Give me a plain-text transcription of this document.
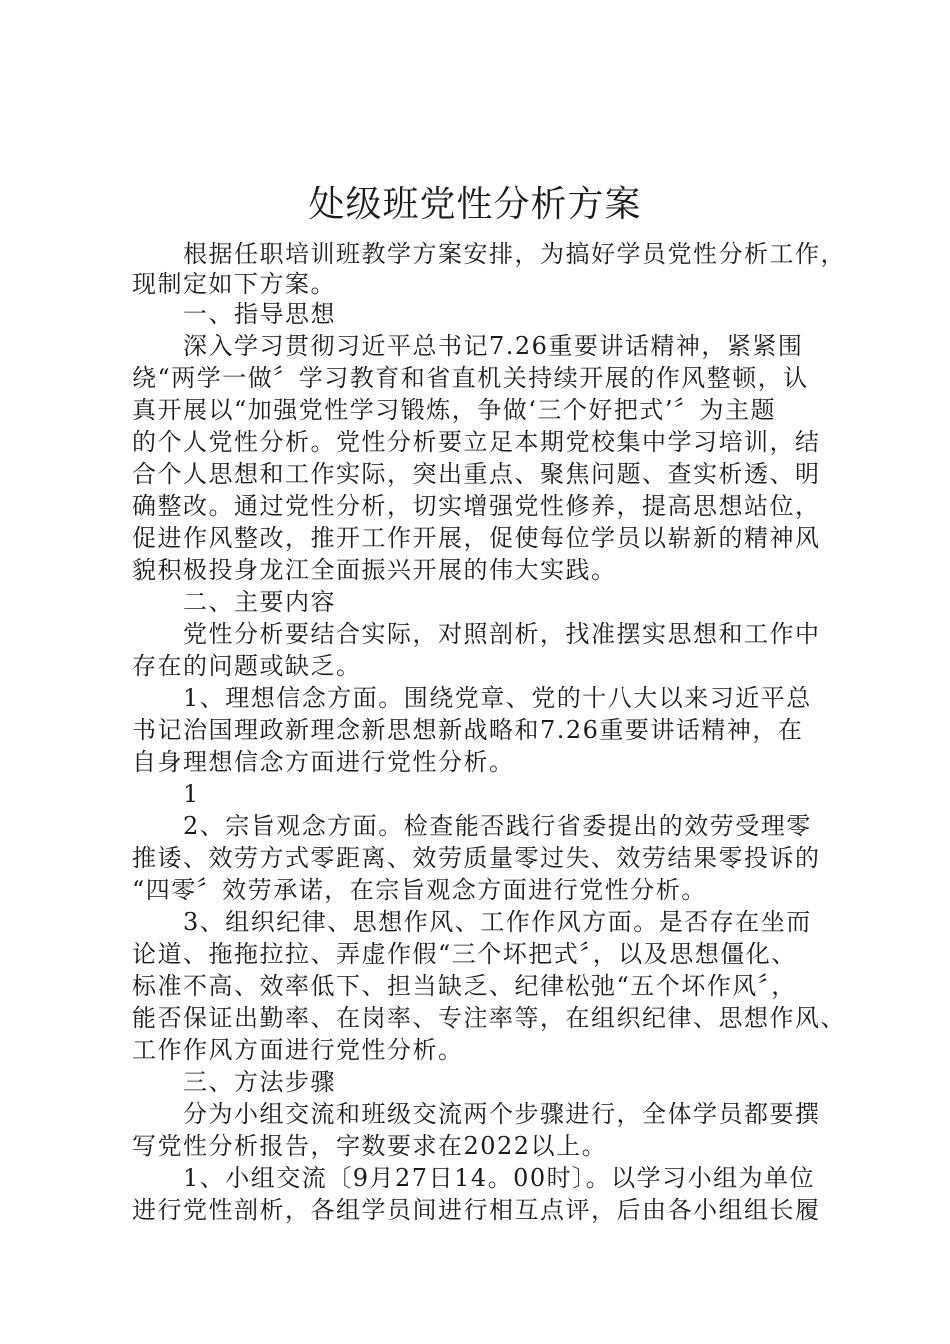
处级班党性分析方案
根据任职培训班教学方案安排，为搞好学员党性分析工作，
现制定如下方案。
一、指导思想
深入学习贯彻习近平总书记7.26重要讲话精神，紧紧围
绕“两学一做〞学习教育和省直机关持续开展的作风整顿，认
真开展以“加强党性学习锻炼，争做‘三个好把式’〞为主题
的个人党性分析。党性分析要立足本期党校集中学习培训，结
合个人思想和工作实际，突出重点、聚焦问题、查实析透、明
确整改。通过党性分析，切实增强党性修养，提高思想站位，
促进作风整改，推开工作开展，促使每位学员以崭新的精神风
貌积极投身龙江全面振兴开展的伟大实践。
二、主要内容
党性分析要结合实际，对照剖析，找准摆实思想和工作中
存在的问题或缺乏。
1、理想信念方面。围绕党章、党的十八大以来习近平总
书记治国理政新理念新思想新战略和7.26重要讲话精神，在
自身理想信念方面进行党性分析。
1
2、宗旨观念方面。检查能否践行省委提出的效劳受理零
推诿、效劳方式零距离、效劳质量零过失、效劳结果零投诉的
“四零〞效劳承诺，在宗旨观念方面进行党性分析。
3、组织纪律、思想作风、工作作风方面。是否存在坐而
论道、拖拖拉拉、弄虚作假“三个坏把式〞，以及思想僵化、
标准不高、效率低下、担当缺乏、纪律松弛“五个坏作风〞，
能否保证出勤率、在岗率、专注率等，在组织纪律、思想作风、
工作作风方面进行党性分析。
三、方法步骤
分为小组交流和班级交流两个步骤进行，全体学员都要撰
写党性分析报告，字数要求在2022以上。
1、小组交流〔9月27日14。00时〕。以学习小组为单位
进行党性剖析，各组学员间进行相互点评，后由各小组组长履
